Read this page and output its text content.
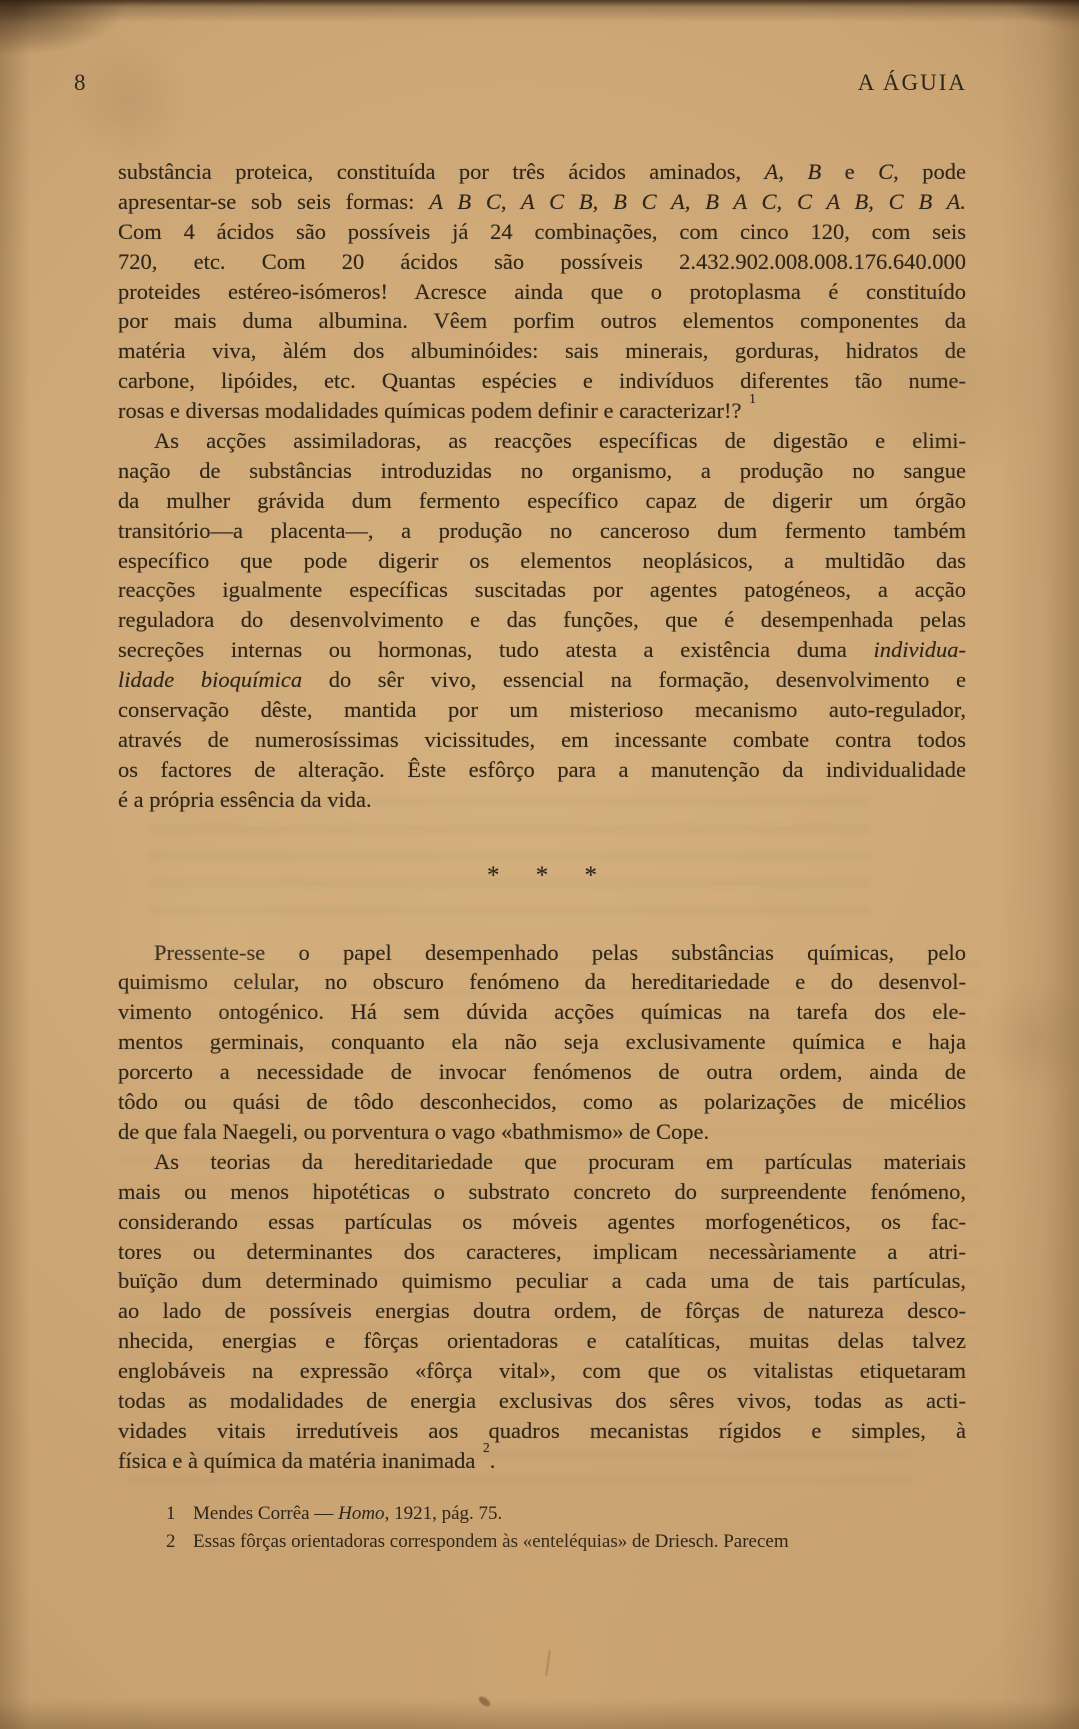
8	A ÁGUIA
substância proteica, constituída por três ácidos aminados, A, B e C, pode
apresentar-se sob seis formas: A B C, A C B, B C A, B A C, C A B, C B A.
Com 4 ácidos são possíveis já 24 combinações, com cinco 120, com seis
720, etc. Com 20 ácidos são possíveis 2.432.902.008.008.176.640.000
proteides estéreo-isómeros! Acresce ainda que o protoplasma é constituído
por mais duma albumina. Vêem porfim outros elementos componentes da
matéria viva, àlém dos albuminóides: sais minerais, gorduras, hidratos de
carbone, lipóides, etc. Quantas espécies e indivíduos diferentes tão nume-
rosas e diversas modalidades químicas podem definir e caracterizar!? $^1$
As acções assimiladoras, as reacções específicas de digestão e elimi-
nação de substâncias introduzidas no organismo, a produção no sangue
da mulher grávida dum fermento específico capaz de digerir um órgão
transitório—a placenta—, a produção no canceroso dum fermento também
específico que pode digerir os elementos neoplásicos, a multidão das
reacções igualmente específicas suscitadas por agentes patogéneos, a acção
reguladora do desenvolvimento e das funções, que é desempenhada pelas
secreções internas ou hormonas, tudo atesta a existência duma individua-
lidade bioquímica do sêr vivo, essencial na formação, desenvolvimento e
conservação dêste, mantida por um misterioso mecanismo auto-regulador,
através de numerosíssimas vicissitudes, em incessante combate contra todos
os factores de alteração. Êste esfôrço para a manutenção da individualidade
é a própria essência da vida.
* * *
Pressente-se o papel desempenhado pelas substâncias químicas, pelo
quimismo celular, no obscuro fenómeno da hereditariedade e do desenvol-
vimento ontogénico. Há sem dúvida acções químicas na tarefa dos ele-
mentos germinais, conquanto ela não seja exclusivamente química e haja
porcerto a necessidade de invocar fenómenos de outra ordem, ainda de
tôdo ou quási de tôdo desconhecidos, como as polarizações de micélios
de que fala Naegeli, ou porventura o vago «bathmismo» de Cope.
As teorias da hereditariedade que procuram em partículas materiais
mais ou menos hipotéticas o substrato concreto do surpreendente fenómeno,
considerando essas partículas os móveis agentes morfogenéticos, os fac-
tores ou determinantes dos caracteres, implicam necessàriamente a atri-
buïção dum determinado quimismo peculiar a cada uma de tais partículas,
ao lado de possíveis energias doutra ordem, de fôrças de natureza desco-
nhecida, energias e fôrças orientadoras e catalíticas, muitas delas talvez
englobáveis na expressão «fôrça vital», com que os vitalistas etiquetaram
todas as modalidades de energia exclusivas dos sêres vivos, todas as acti-
vidades vitais irredutíveis aos quadros mecanistas rígidos e simples, à
física e à química da matéria inanimada $^2$.
1 Mendes Corrêa — Homo, 1921, pág. 75.
2 Essas fôrças orientadoras correspondem às «enteléquias» de Driesch. Parecem
